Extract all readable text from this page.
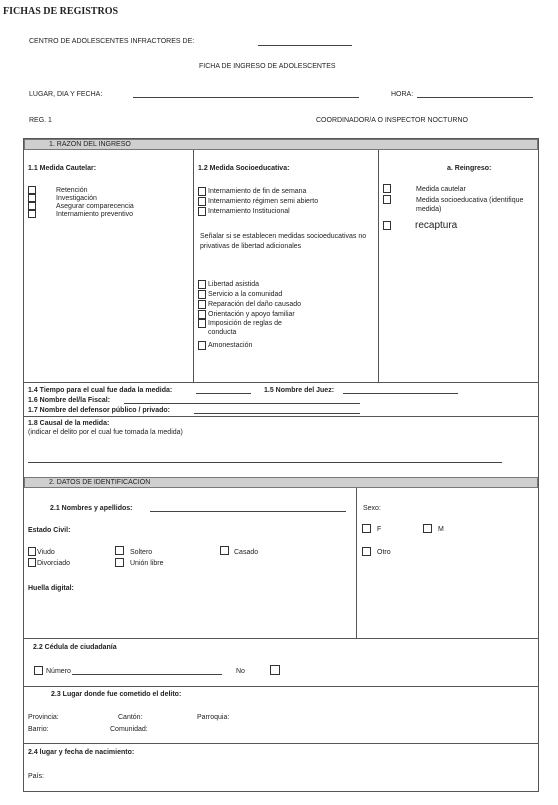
FICHAS DE REGISTROS
CENTRO DE ADOLESCENTES INFRACTORES DE:
FICHA DE INGRESO DE ADOLESCENTES
LUGAR, DIA Y FECHA:	HORA:
REG. 1	COORDINADOR/A O INSPECTOR NOCTURNO
1. RAZON DEL INGRESO
1.1 Medida Cautelar:
Retención
Investigación
Asegurar comparecencia
Internamiento preventivo
1.2 Medida Socioeducativa:
Internamiento de fin de semana
Internamiento régimen semi abierto
Internamiento Institucional
Señalar si se establecen medidas socioeducativas no privativas de libertad adicionales
Libertad asistida
Servicio a la comunidad
Reparación del daño causado
Orientación y apoyo familiar
Imposición de reglas de conducta
Amonestación
a. Reingreso:
Medida cautelar
Medida socioeducativa (identifique medida)
recaptura
1.4 Tiempo para el cual fue dada la medida:	1.5 Nombre del Juez:
1.6 Nombre del/la Fiscal:
1.7 Nombre del defensor público / privado:
1.8 Causal de la medida:
(indicar el delito por el cual fue tomada la medida)
2. DATOS DE IDENTIFICACION
2.1 Nombres y apellidos:
Estado Civil:
Viudo
Divorciado
Soltero
Unión libre
Casado
Huella digital:
Sexo:
F	M
Otro
2.2 Cédula de ciudadanía
Número	No
2.3 Lugar donde fue cometido el delito:
Provincia:	Cantón:	Parroquia:
Barrio:	Comunidad:
2.4 lugar y fecha de nacimiento:
País:
